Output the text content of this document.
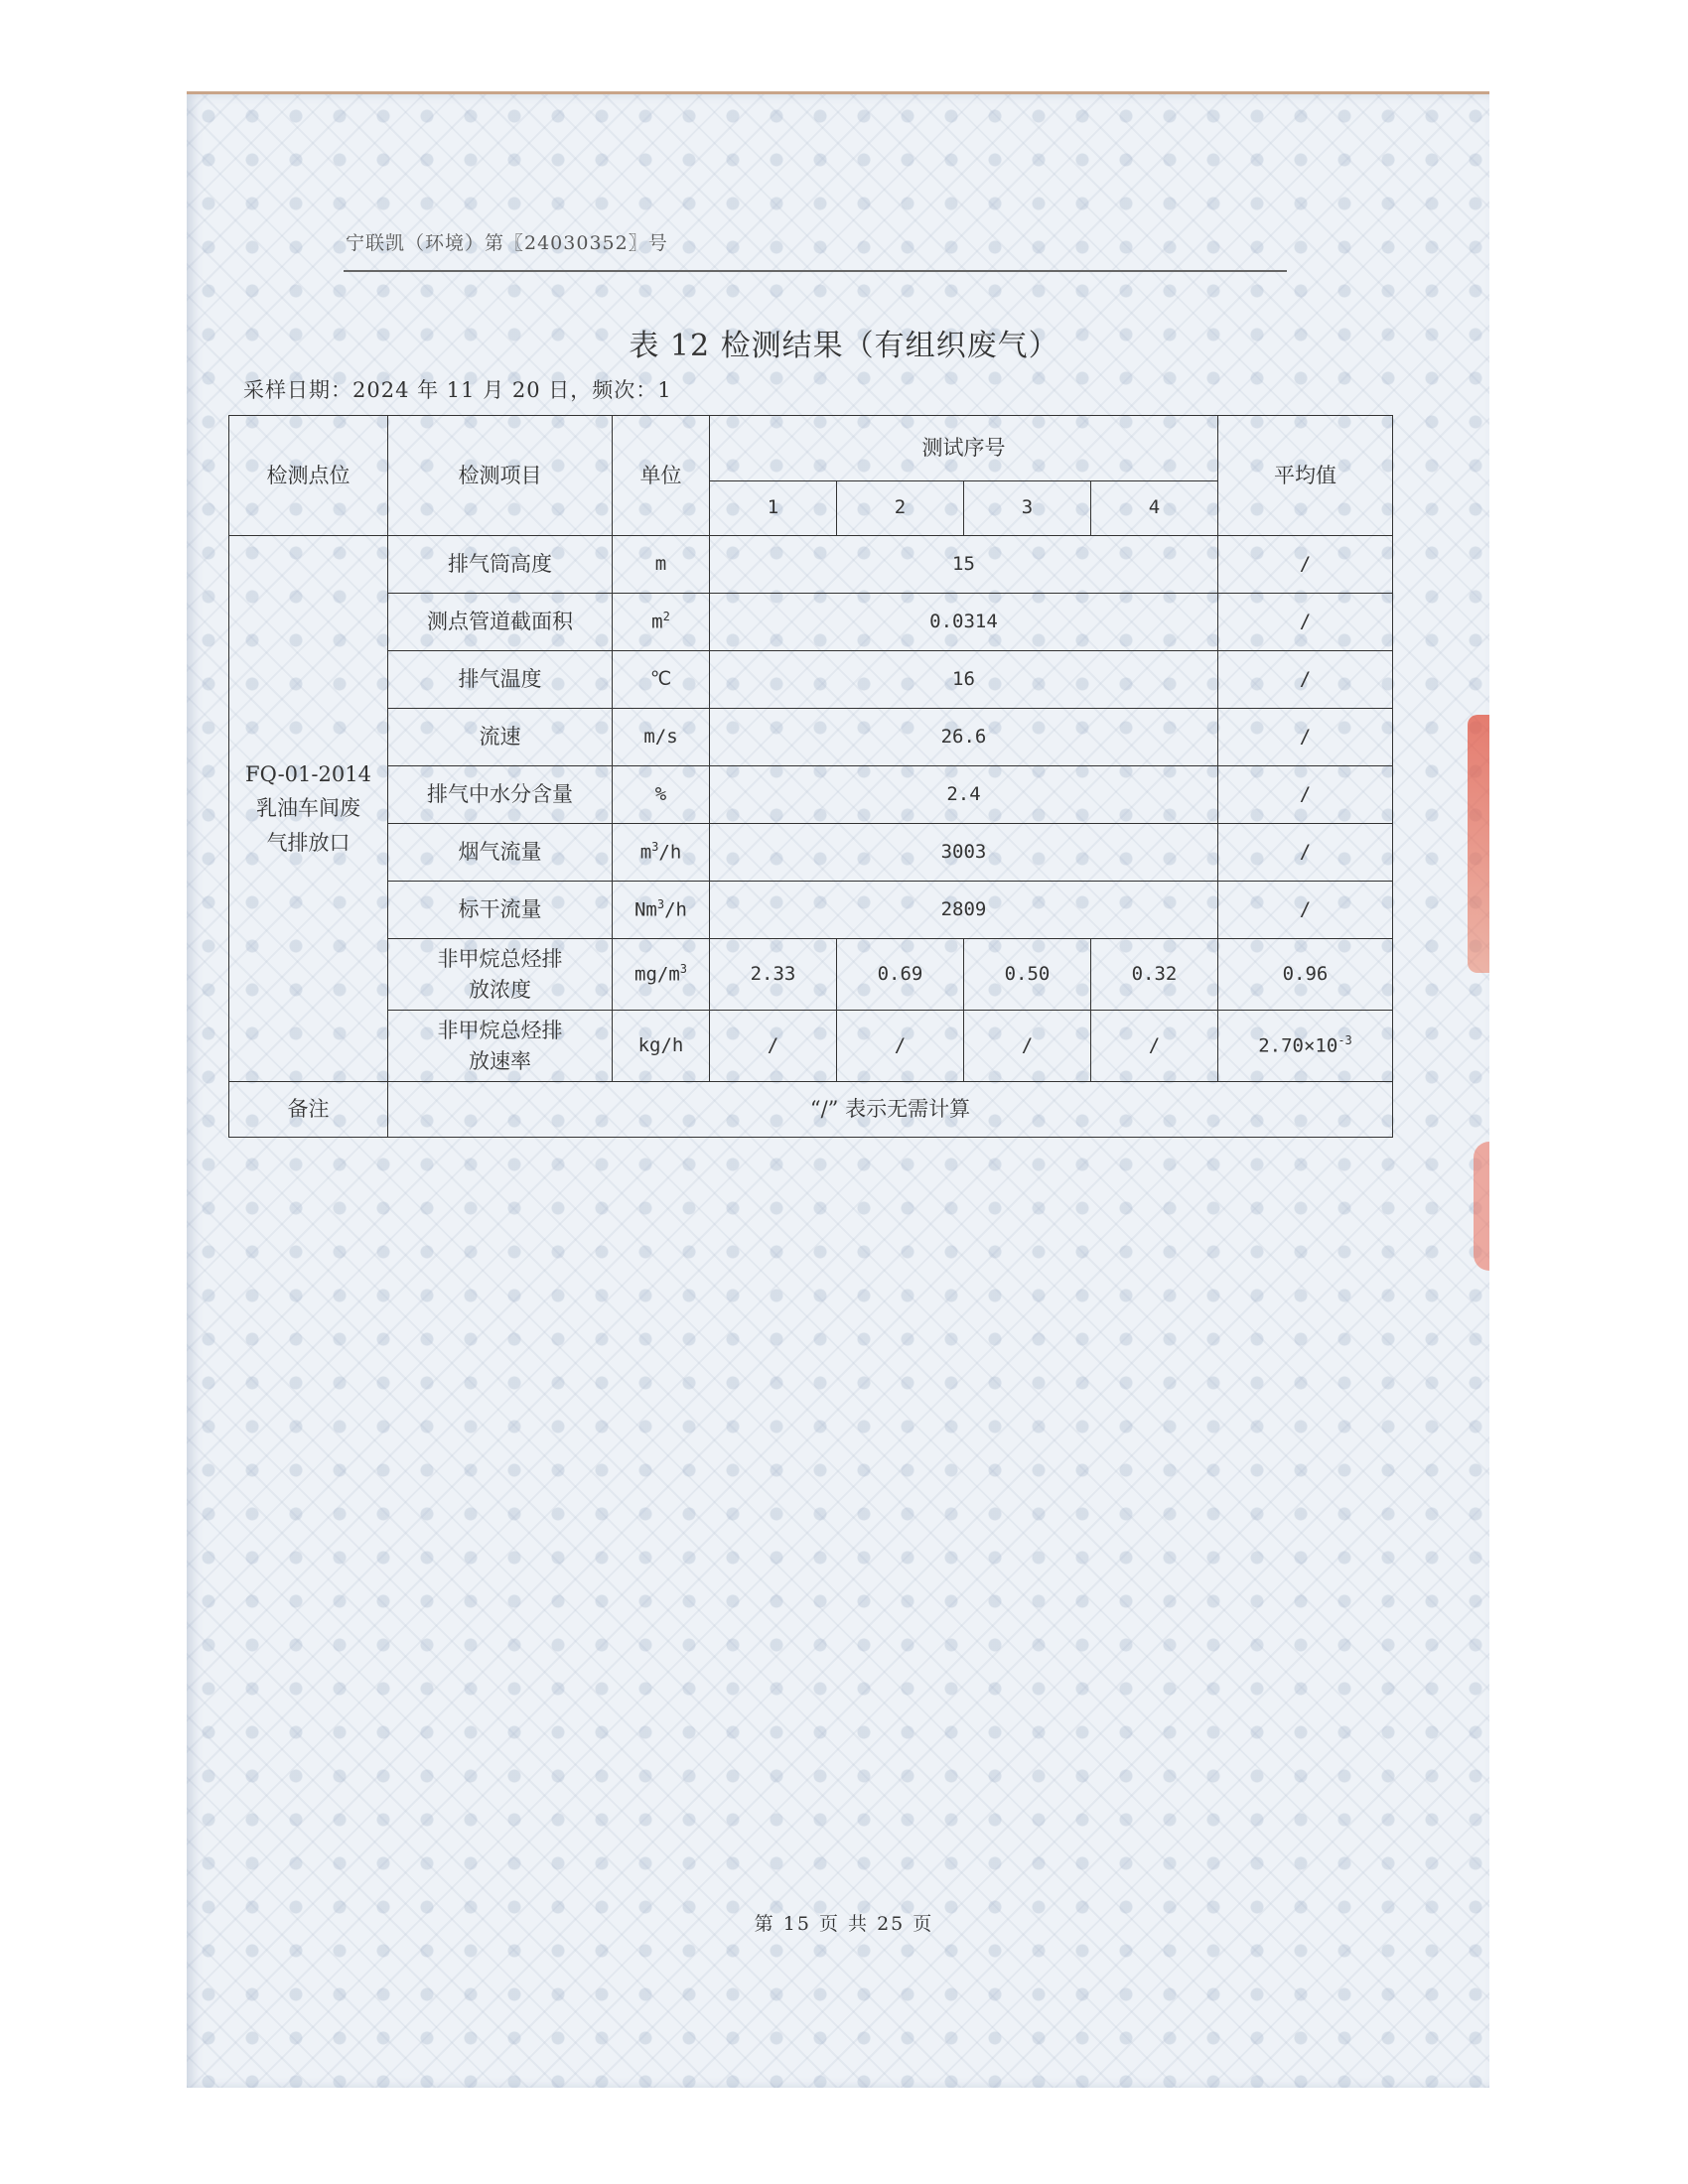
宁联凯（环境）第〖24030352〗号
表 12 检测结果（有组织废气）
采样日期：2024 年 11 月 20 日，频次：1
检测点位	检测项目	单位	测试序号				平均值
			1	2	3	4	
FQ-01-2014
乳油车间废
气排放口	排气筒高度	m	15				/
	测点管道截面积	$m^2$	0.0314				/
	排气温度	℃	16				/
	流速	m/s	26.6				/
	排气中水分含量	%	2.4				/
	烟气流量	$m^3/h$	3003				/
	标干流量	Nm$^3$/h	2809				/
	非甲烷总烃排放浓度	$mg/m^3$	2.33	0.69	0.50	0.32	0.96
	非甲烷总烃排放速率	kg/h	/	/	/	/	$2.70\times 10^{-3}$
备注	“/” 表示无需计算						
第 15 页 共 25 页
